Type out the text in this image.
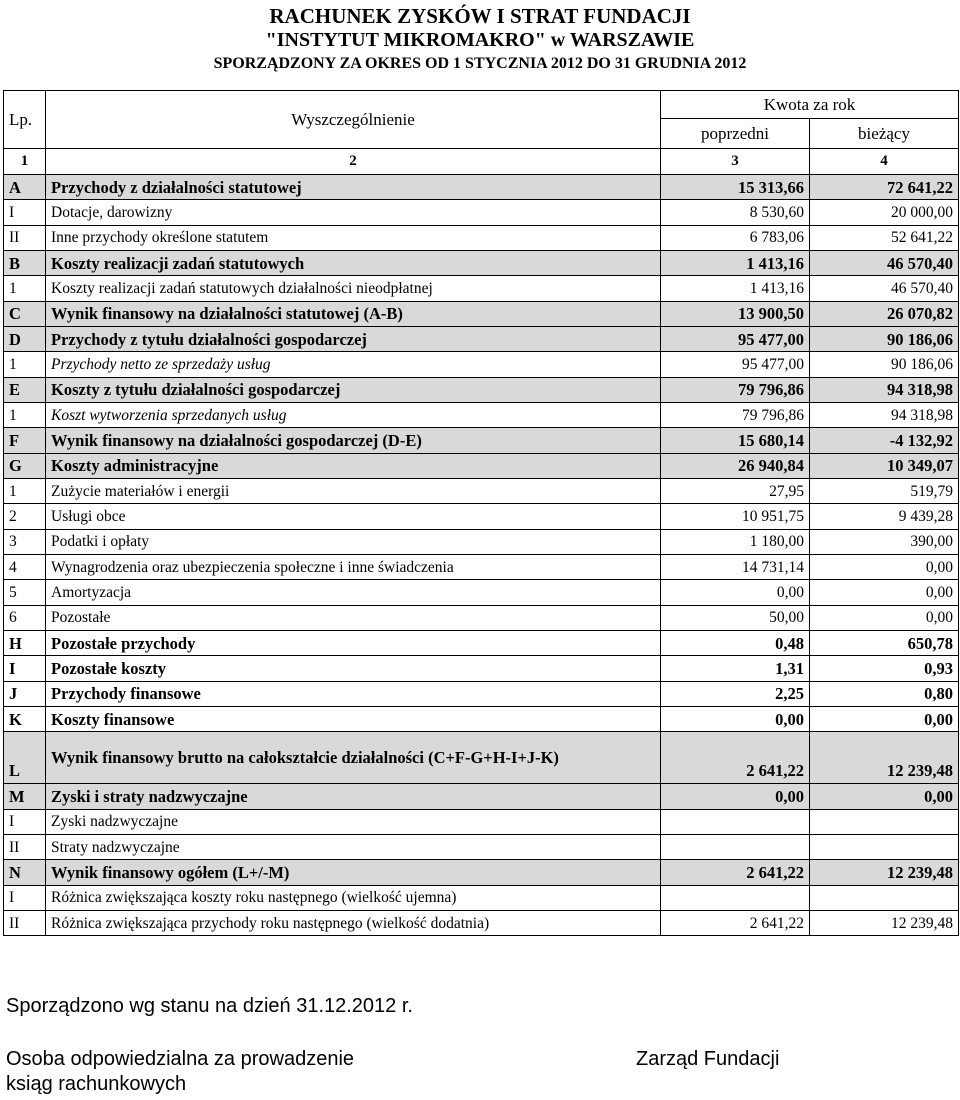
RACHUNEK ZYSKÓW I STRAT FUNDACJI
"INSTYTUT MIKROMAKRO" w WARSZAWIE
SPORZĄDZONY ZA OKRES OD 1 STYCZNIA 2012 DO 31 GRUDNIA 2012
Lp.	Wyszczególnienie	Kwota za rok	
		poprzedni	bieżący
1	2	3	4
A	Przychody z działalności statutowej	15 313,66	72 641,22
I	Dotacje, darowizny	8 530,60	20 000,00
II	Inne przychody określone statutem	6 783,06	52 641,22
B	Koszty realizacji zadań statutowych	1 413,16	46 570,40
1	Koszty realizacji zadań statutowych działalności nieodpłatnej	1 413,16	46 570,40
C	Wynik finansowy na działalności statutowej (A-B)	13 900,50	26 070,82
D	Przychody z tytułu działalności gospodarczej	95 477,00	90 186,06
1	Przychody netto ze sprzedaży usług	95 477,00	90 186,06
E	Koszty z tytułu działalności gospodarczej	79 796,86	94 318,98
1	Koszt wytworzenia sprzedanych usług	79 796,86	94 318,98
F	Wynik finansowy na działalności gospodarczej (D-E)	15 680,14	-4 132,92
G	Koszty administracyjne	26 940,84	10 349,07
1	Zużycie materiałów i energii	27,95	519,79
2	Usługi obce	10 951,75	9 439,28
3	Podatki i opłaty	1 180,00	390,00
4	Wynagrodzenia oraz ubezpieczenia społeczne i inne świadczenia	14 731,14	0,00
5	Amortyzacja	0,00	0,00
6	Pozostałe	50,00	0,00
H	Pozostałe przychody	0,48	650,78
I	Pozostałe koszty	1,31	0,93
J	Przychody finansowe	2,25	0,80
K	Koszty finansowe	0,00	0,00
L	Wynik finansowy brutto na całokształcie działalności (C+F-G+H-I+J-K)	2 641,22	12 239,48
M	Zyski i straty nadzwyczajne	0,00	0,00
I	Zyski nadzwyczajne		
II	Straty nadzwyczajne		
N	Wynik finansowy ogółem (L+/-M)	2 641,22	12 239,48
I	Różnica zwiększająca koszty roku następnego (wielkość ujemna)		
II	Różnica zwiększająca przychody roku następnego (wielkość dodatnia)	2 641,22	12 239,48
Sporządzono wg stanu na dzień 31.12.2012 r.
Osoba odpowiedzialna za prowadzenie
ksiąg rachunkowych
Zarząd Fundacji
